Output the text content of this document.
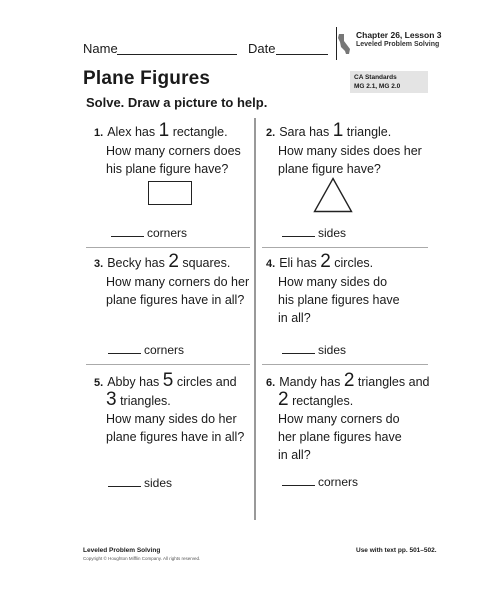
Name	Date
Chapter 26, Lesson 3
Leveled Problem Solving
Plane Figures	CA Standards
MG 2.1, MG 2.0
Solve. Draw a picture to help.
1. Alex has 1 rectangle.
How many corners does
his plane figure have?
corners
2. Sara has 1 triangle.
How many sides does her
plane figure have?
sides
3. Becky has 2 squares.
How many corners do her
plane figures have in all?
corners
4. Eli has 2 circles.
How many sides do
his plane figures have
in all?
sides
5. Abby has 5 circles and
3 triangles.
How many sides do her
plane figures have in all?
sides
6. Mandy has 2 triangles and
2 rectangles.
How many corners do
her plane figures have
in all?
corners
Leveled Problem Solving
Copyright © Houghton Mifflin Company. All rights reserved.
Use with text pp. 501–502.
